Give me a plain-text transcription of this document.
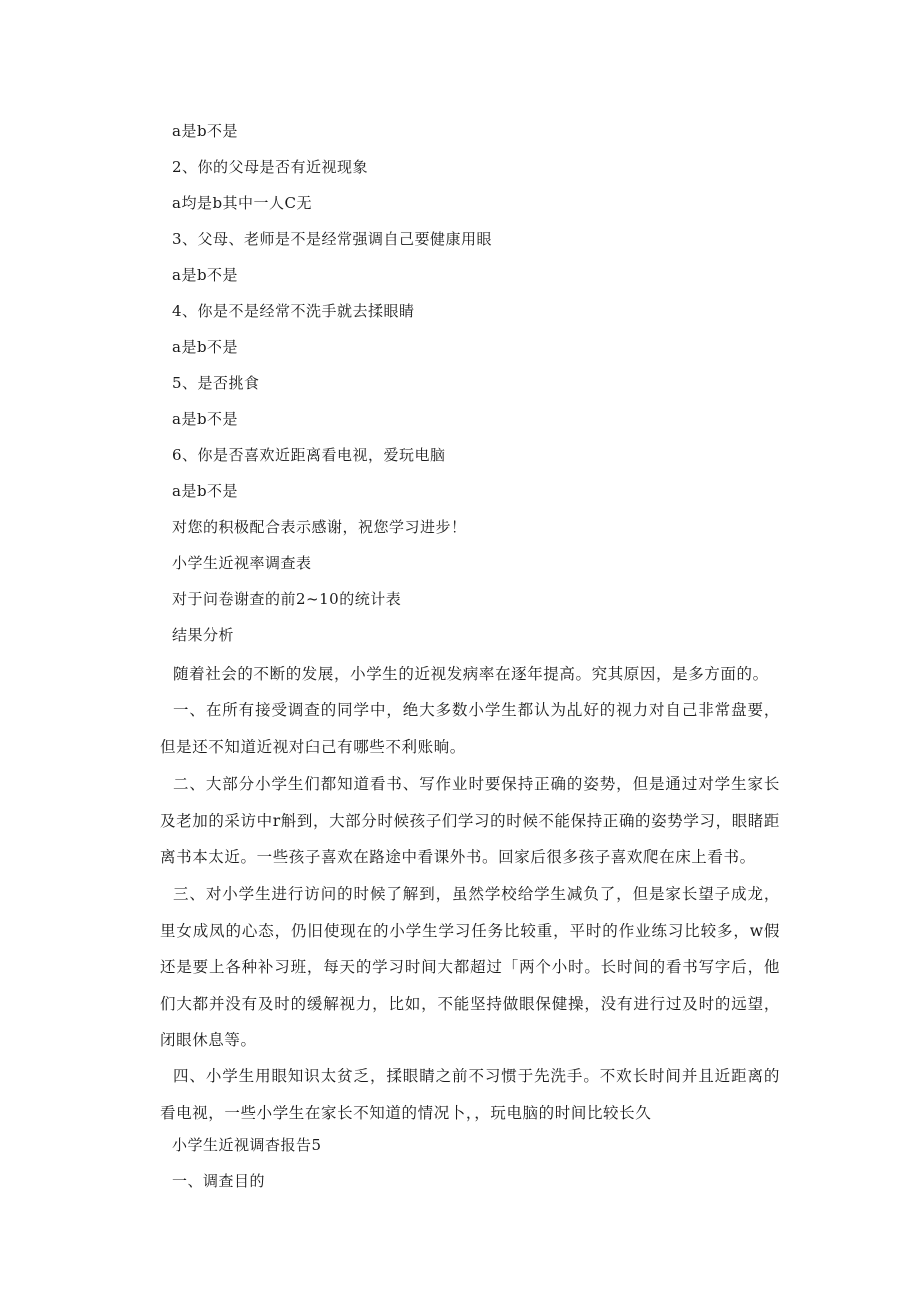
a是b不是
2、你的父母是否有近视现象
a均是b其中一人C无
3、父母、老师是不是经常强调自己要健康用眼
a是b不是
4、你是不是经常不洗手就去揉眼睛
a是b不是
5、是否挑食
a是b不是
6、你是否喜欢近距离看电视，爱玩电脑
a是b不是
对您的积极配合表示感谢，祝您学习进步！
小学生近视率调查表
对于问卷谢查的前2~10的统计表
结果分析
随着社会的不断的发展，小学生的近视发病率在逐年提高。究其原因，是多方面的。
一、在所有接受调查的同学中，绝大多数小学生都认为乩好的视力对自己非常盘要，但是还不知道近视对臼己有哪些不利账晌。
二、大部分小学生们都知道看书、写作业时要保持正确的姿势，但是通过对学生家长及老加的采访中r斛到，大部分时候孩子们学习的时候不能保持正确的姿势学习，眼睹距离书本太近。一些孩子喜欢在路途中看课外书。回家后很多孩子喜欢爬在床上看书。
三、对小学生进行访问的时候了解到，虽然学校给学生减负了，但是家长望子成龙，里女成凤的心态，仍旧使现在的小学生学习任务比较重，平时的作业练习比较多，w假还是要上各种补习班，每天的学习时间大都超过「两个小时。长时间的看书写字后，他们大都并没有及时的缓解视力，比如，不能坚持做眼保健操，没有进行过及时的远望，闭眼休息等。
四、小学生用眼知识太贫乏，揉眼睛之前不习惯于先洗手。不欢长时间并且近距离的看电视，一些小学生在家长不知道的情况卜，，玩电脑的时间比较长久
小学生近视调杳报告5
一、调查目的
